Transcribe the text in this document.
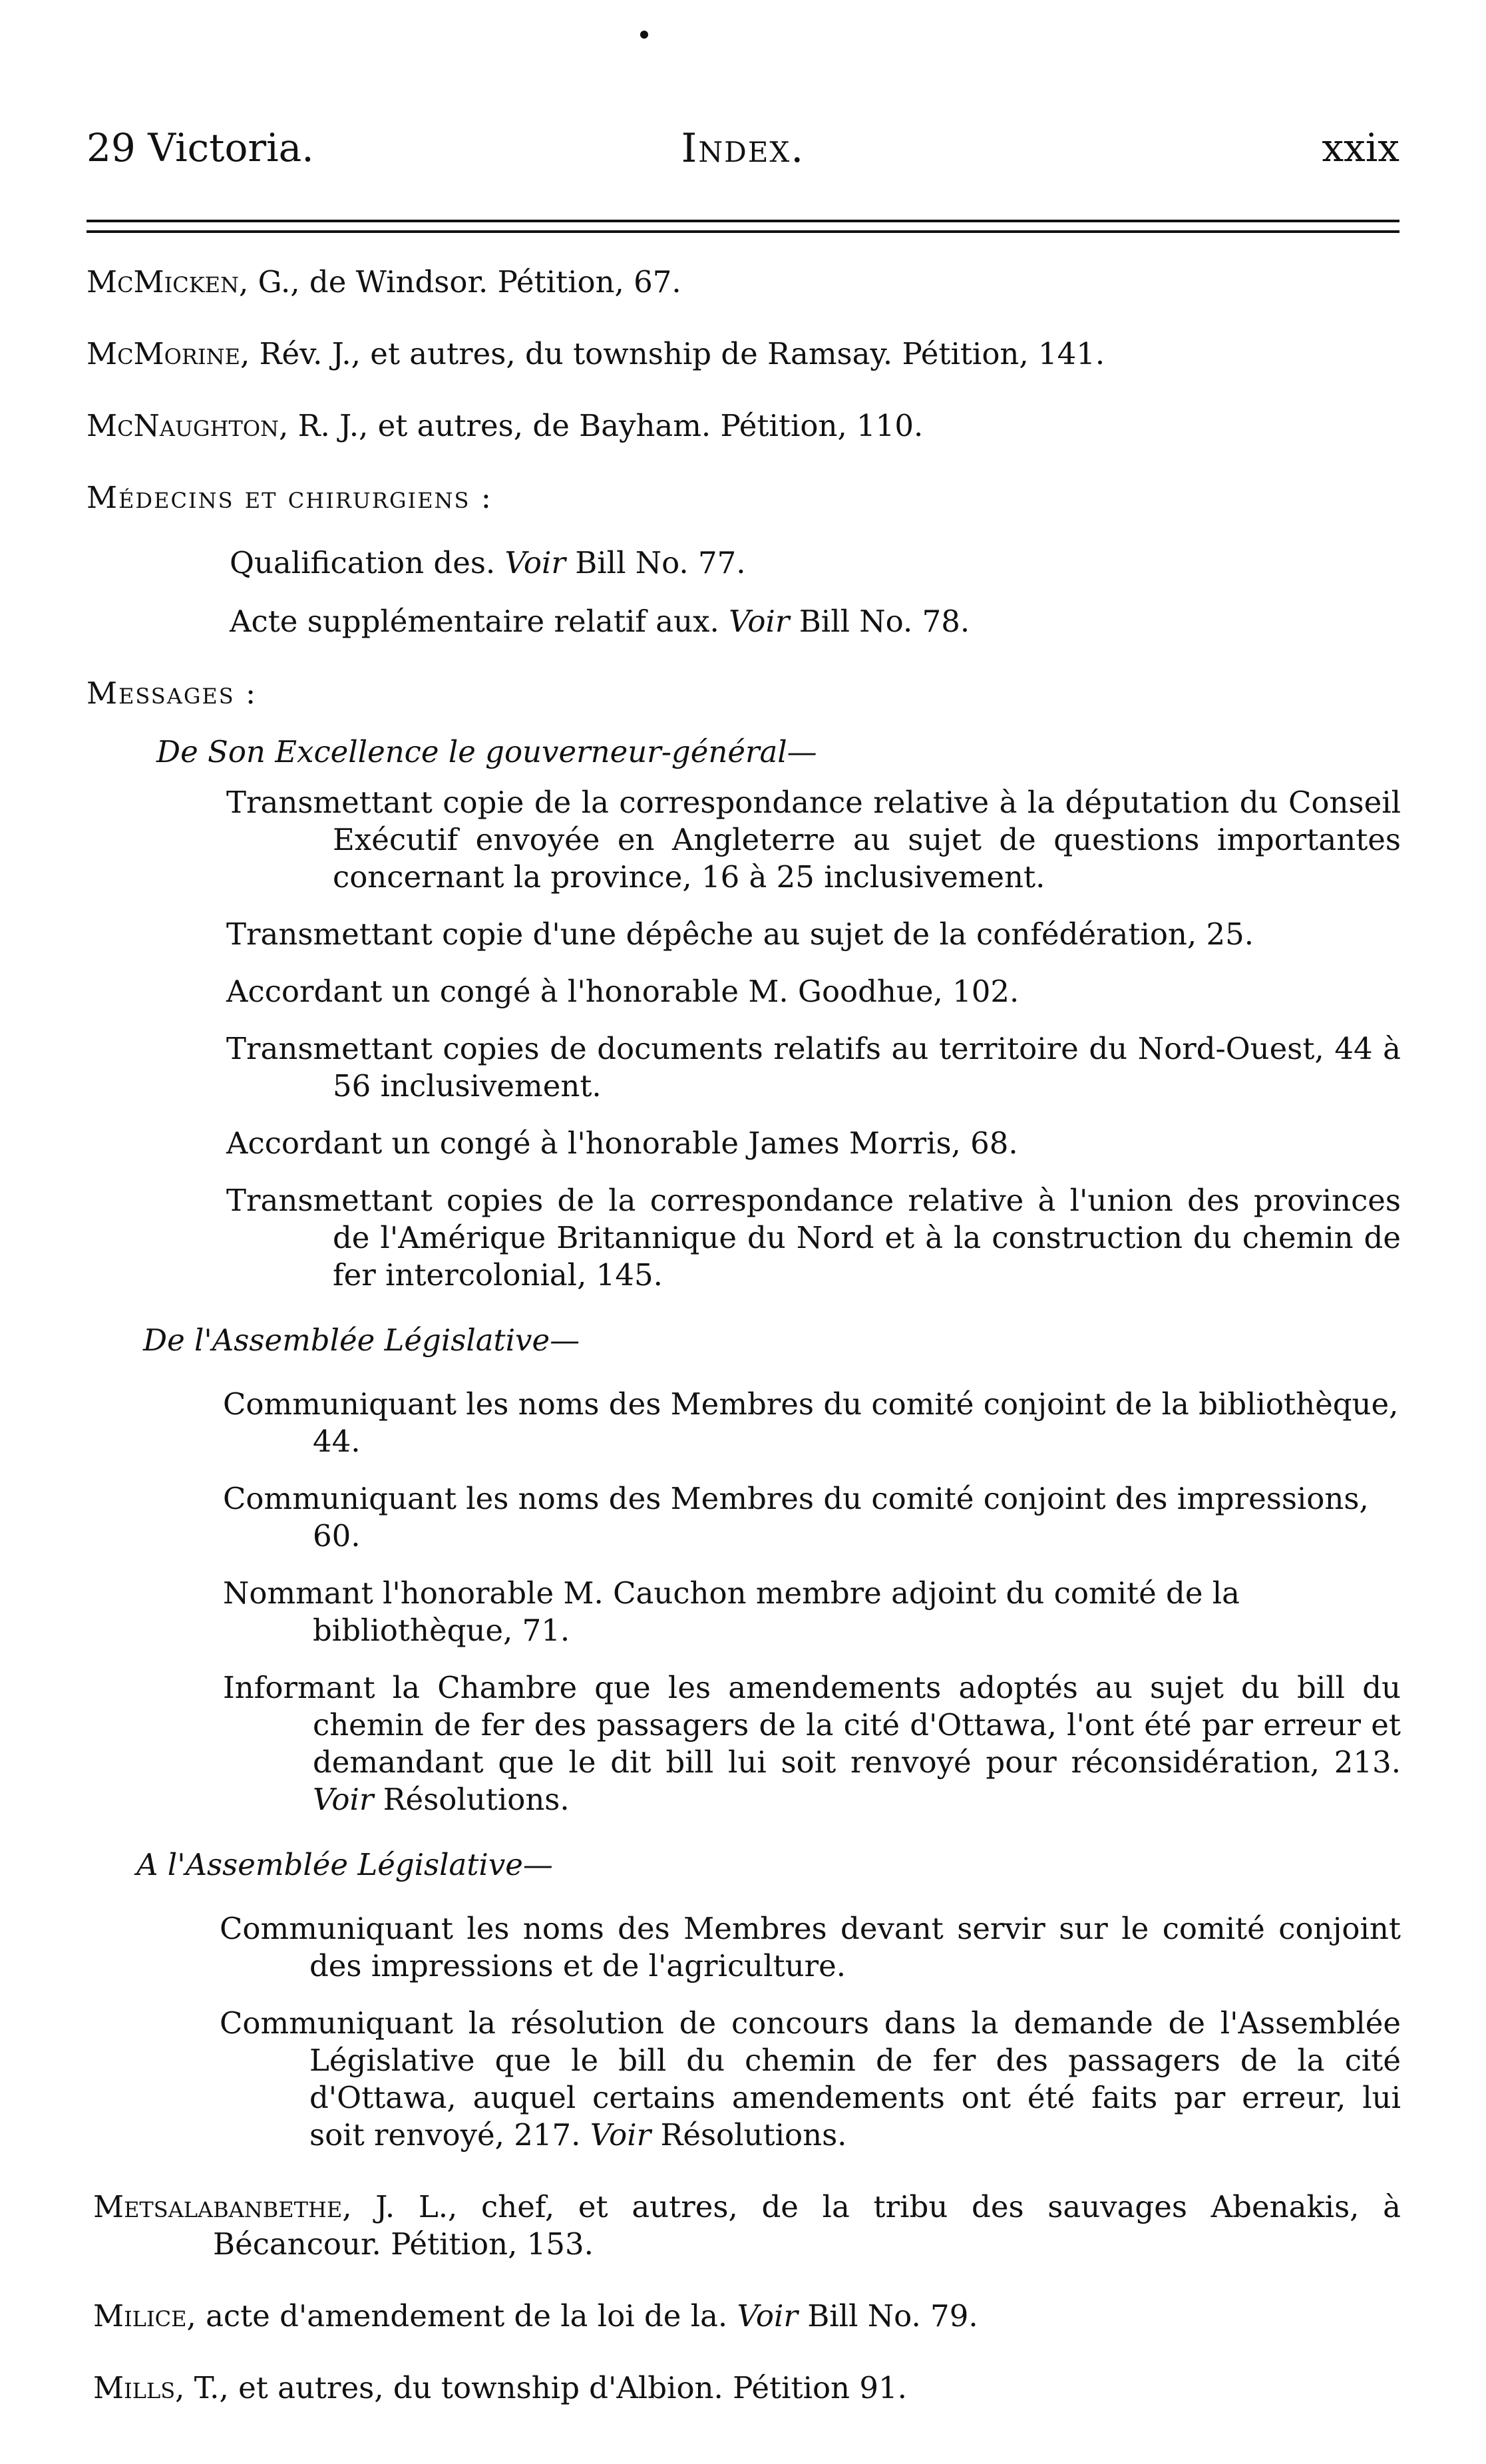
29 Victoria.	Index.	xxix

McMicken, G., de Windsor. Pétition, 67.

McMorine, Rév. J., et autres, du township de Ramsay. Pétition, 141.

McNaughton, R. J., et autres, de Bayham. Pétition, 110.

Médecins et chirurgiens :

Qualification des. Voir Bill No. 77.

Acte supplémentaire relatif aux. Voir Bill No. 78.

Messages :

De Son Excellence le gouverneur-général—

Transmettant copie de la correspondance relative à la députation du Conseil Exécutif envoyée en Angleterre au sujet de questions importantes concernant la province, 16 à 25 inclusivement.

Transmettant copie d'une dépêche au sujet de la confédération, 25.

Accordant un congé à l'honorable M. Goodhue, 102.

Transmettant copies de documents relatifs au territoire du Nord-Ouest, 44 à 56 inclusivement.

Accordant un congé à l'honorable James Morris, 68.

Transmettant copies de la correspondance relative à l'union des provinces de l'Amérique Britannique du Nord et à la construction du chemin de fer intercolonial, 145.

De l'Assemblée Législative—

Communiquant les noms des Membres du comité conjoint de la bibliothèque, 44.

Communiquant les noms des Membres du comité conjoint des impressions, 60.

Nommant l'honorable M. Cauchon membre adjoint du comité de la bibliothèque, 71.

Informant la Chambre que les amendements adoptés au sujet du bill du chemin de fer des passagers de la cité d'Ottawa, l'ont été par erreur et demandant que le dit bill lui soit renvoyé pour réconsidération, 213. Voir Résolutions.

A l'Assemblée Législative—

Communiquant les noms des Membres devant servir sur le comité conjoint des impressions et de l'agriculture.

Communiquant la résolution de concours dans la demande de l'Assemblée Législative que le bill du chemin de fer des passagers de la cité d'Ottawa, auquel certains amendements ont été faits par erreur, lui soit renvoyé, 217. Voir Résolutions.

Metsalabanbethe, J. L., chef, et autres, de la tribu des sauvages Abenakis, à Bécancour. Pétition, 153.

Milice, acte d'amendement de la loi de la. Voir Bill No. 79.

Mills, T., et autres, du township d'Albion. Pétition 91.
